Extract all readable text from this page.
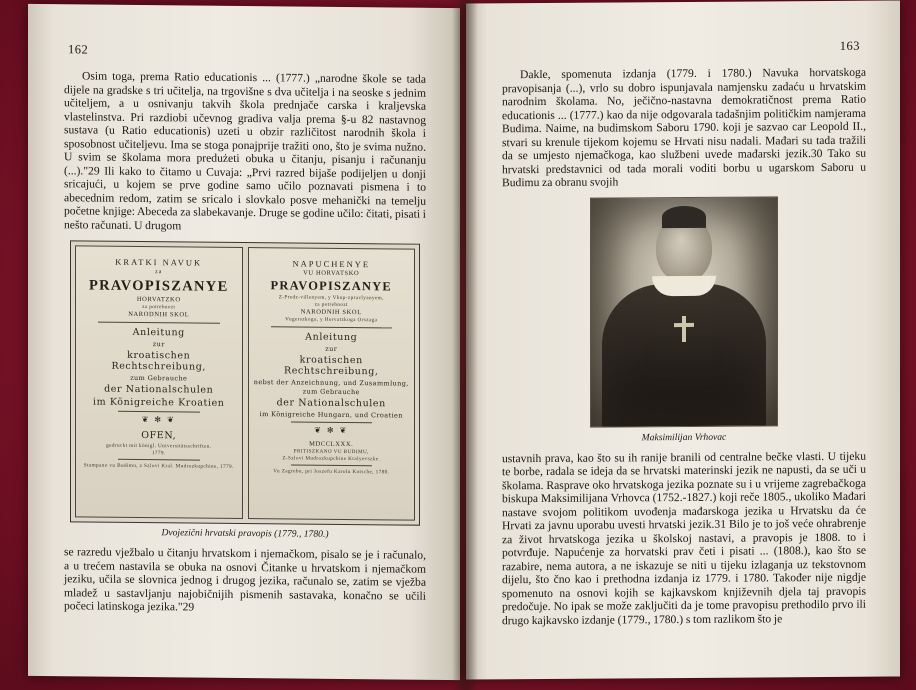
162

Osim toga, prema Ratio educationis ... (1777.) „narodne škole se tada dijele na gradske s tri učitelja, na trgovišne s dva učitelja i na seoske s jednim učiteljem, a u osnivanju takvih škola prednjače carska i kraljevska vlastelinstva. Pri razdiobi učevnog gradiva valja prema §-u 82 nastavnog sustava (u Ratio educationis) uzeti u obzir različitost narodnih škola i sposobnost učiteljevu. Ima se stoga ponajprije tražiti ono, što je svima nužno. U svim se školama mora predużeti obuka u čitanju, pisanju i računanju (...)."29 Ili kako to čitamo u Cuvaja: „Prvi razred bijaše podijeljen u donji sricajući, u kojem se prve godine samo učilo poznavati pismena i to abecednim redom, zatim se sricalo i slovkalo posve mehanički na temelju početne knjige: Abeceda za slabekavanje. Druge se godine učilo: čitati, pisati i nešto računati. U drugom

KRATKI NAVUK
za
PRAVOPISZANYE
HORVATZKO
za potrebnozt
NARODNIH SKOL
Anleitung
zur
kroatischen Rechtschreibung,
zum Gebrauche
der Nationalschulen
im Königreiche Kroatien
❦ ✻ ❦
OFEN,
gedruckt mit königl. Universitätsschriften.
1779.
Stampano vu Budimu, z Szlovi Kral. Mudrozkupchine, 1779.
NAPUCHENYE
VU HORVATSKO
PRAVOPISZANYE
Z-Predz-villenyem, y Vkup-zpravlyanyem,
za potrebnozt
NARODNIH SKOL
Vugerszkoga, y Horvatzkoga Orszaga
Anleitung
zur
kroatischen Rechtschreibung,
nebst der Anzeichnung, und Zusammlung,
zum Gebrauche
der Nationalschulen
im Königreiche Hungarn, und Croatien
❦ ✻ ❦
MDCCLXXX.
PRITISZKANO VU BUDIMU,
Z-Szlovi Mudrozkupchine Kralyevszke.
Vu Zagrebu, pri Joszefu Karolu Kotsche, 1780.
Dvojezični hrvatski pravopis (1779., 1780.)

se razredu vježbalo u čitanju hrvatskom i njemačkom, pisalo se je i računalo, a u trećem nastavila se obuka na osnovi Čitanke u hrvatskom i njemačkom jeziku, učila se slovnica jednog i drugog jezika, računalo se, zatim se vježba mladež u sastavljanju najobičnijih pismenih sastavaka, konačno se učili počeci latinskoga jezika."29

163

Dakle, spomenuta izdanja (1779. i 1780.) Navuka horvatskoga pravopisanja (...), vrlo su dobro ispunjavala namjensku zadaću u hrvatskim narodnim školama. No, ječično-nastavna demokratičnost prema Ratio educationis ... (1777.) kao da nije odgovarala tadašnjim političkim namjerama Budima. Naime, na budimskom Saboru 1790. koji je sazvao car Leopold II., stvari su krenule tijekom kojemu se Hrvati nisu nadali. Mađari su tada tražili da se umjesto njemačkoga, kao službeni uvede mađarski jezik.30 Tako su hrvatski predstavnici od tada morali voditi borbu u ugarskom Saboru u Budimu za obranu svojih

Maksimilijan Vrhovac

ustavnih prava, kao što su ih ranije branili od centralne bečke vlasti. U tijeku te borbe, radala se ideja da se hrvatski materinski jezik ne napusti, da se uči u školama. Rasprave oko hrvatskoga jezika poznate su i u vrijeme zagrebačkoga biskupa Maksimilijana Vrhovca (1752.-1827.) koji reče 1805., ukoliko Mađari nastave svojom politikom uvođenja mađarskoga jezika u Hrvatsku da će Hrvati za javnu uporabu uvesti hrvatski jezik.31 Bilo je to još veće ohrabrenje za život hrvatskoga jezika u školskoj nastavi, a pravopis je 1808. to i potvrđuje. Napućenje za horvatski prav četi i pisati ... (1808.), kao što se razabire, nema autora, a ne iskazuje se niti u tijeku izlaganja uz tekstovnom dijelu, što čno kao i prethodna izdanja iz 1779. i 1780. Također nije nigdje spomenuto na osnovi kojih se kajkavskom književnih djela taj pravopis predočuje. No ipak se može zaključiti da je tome pravopisu prethodilo prvo ili drugo kajkavsko izdanje (1779., 1780.) s tom razlikom što je
